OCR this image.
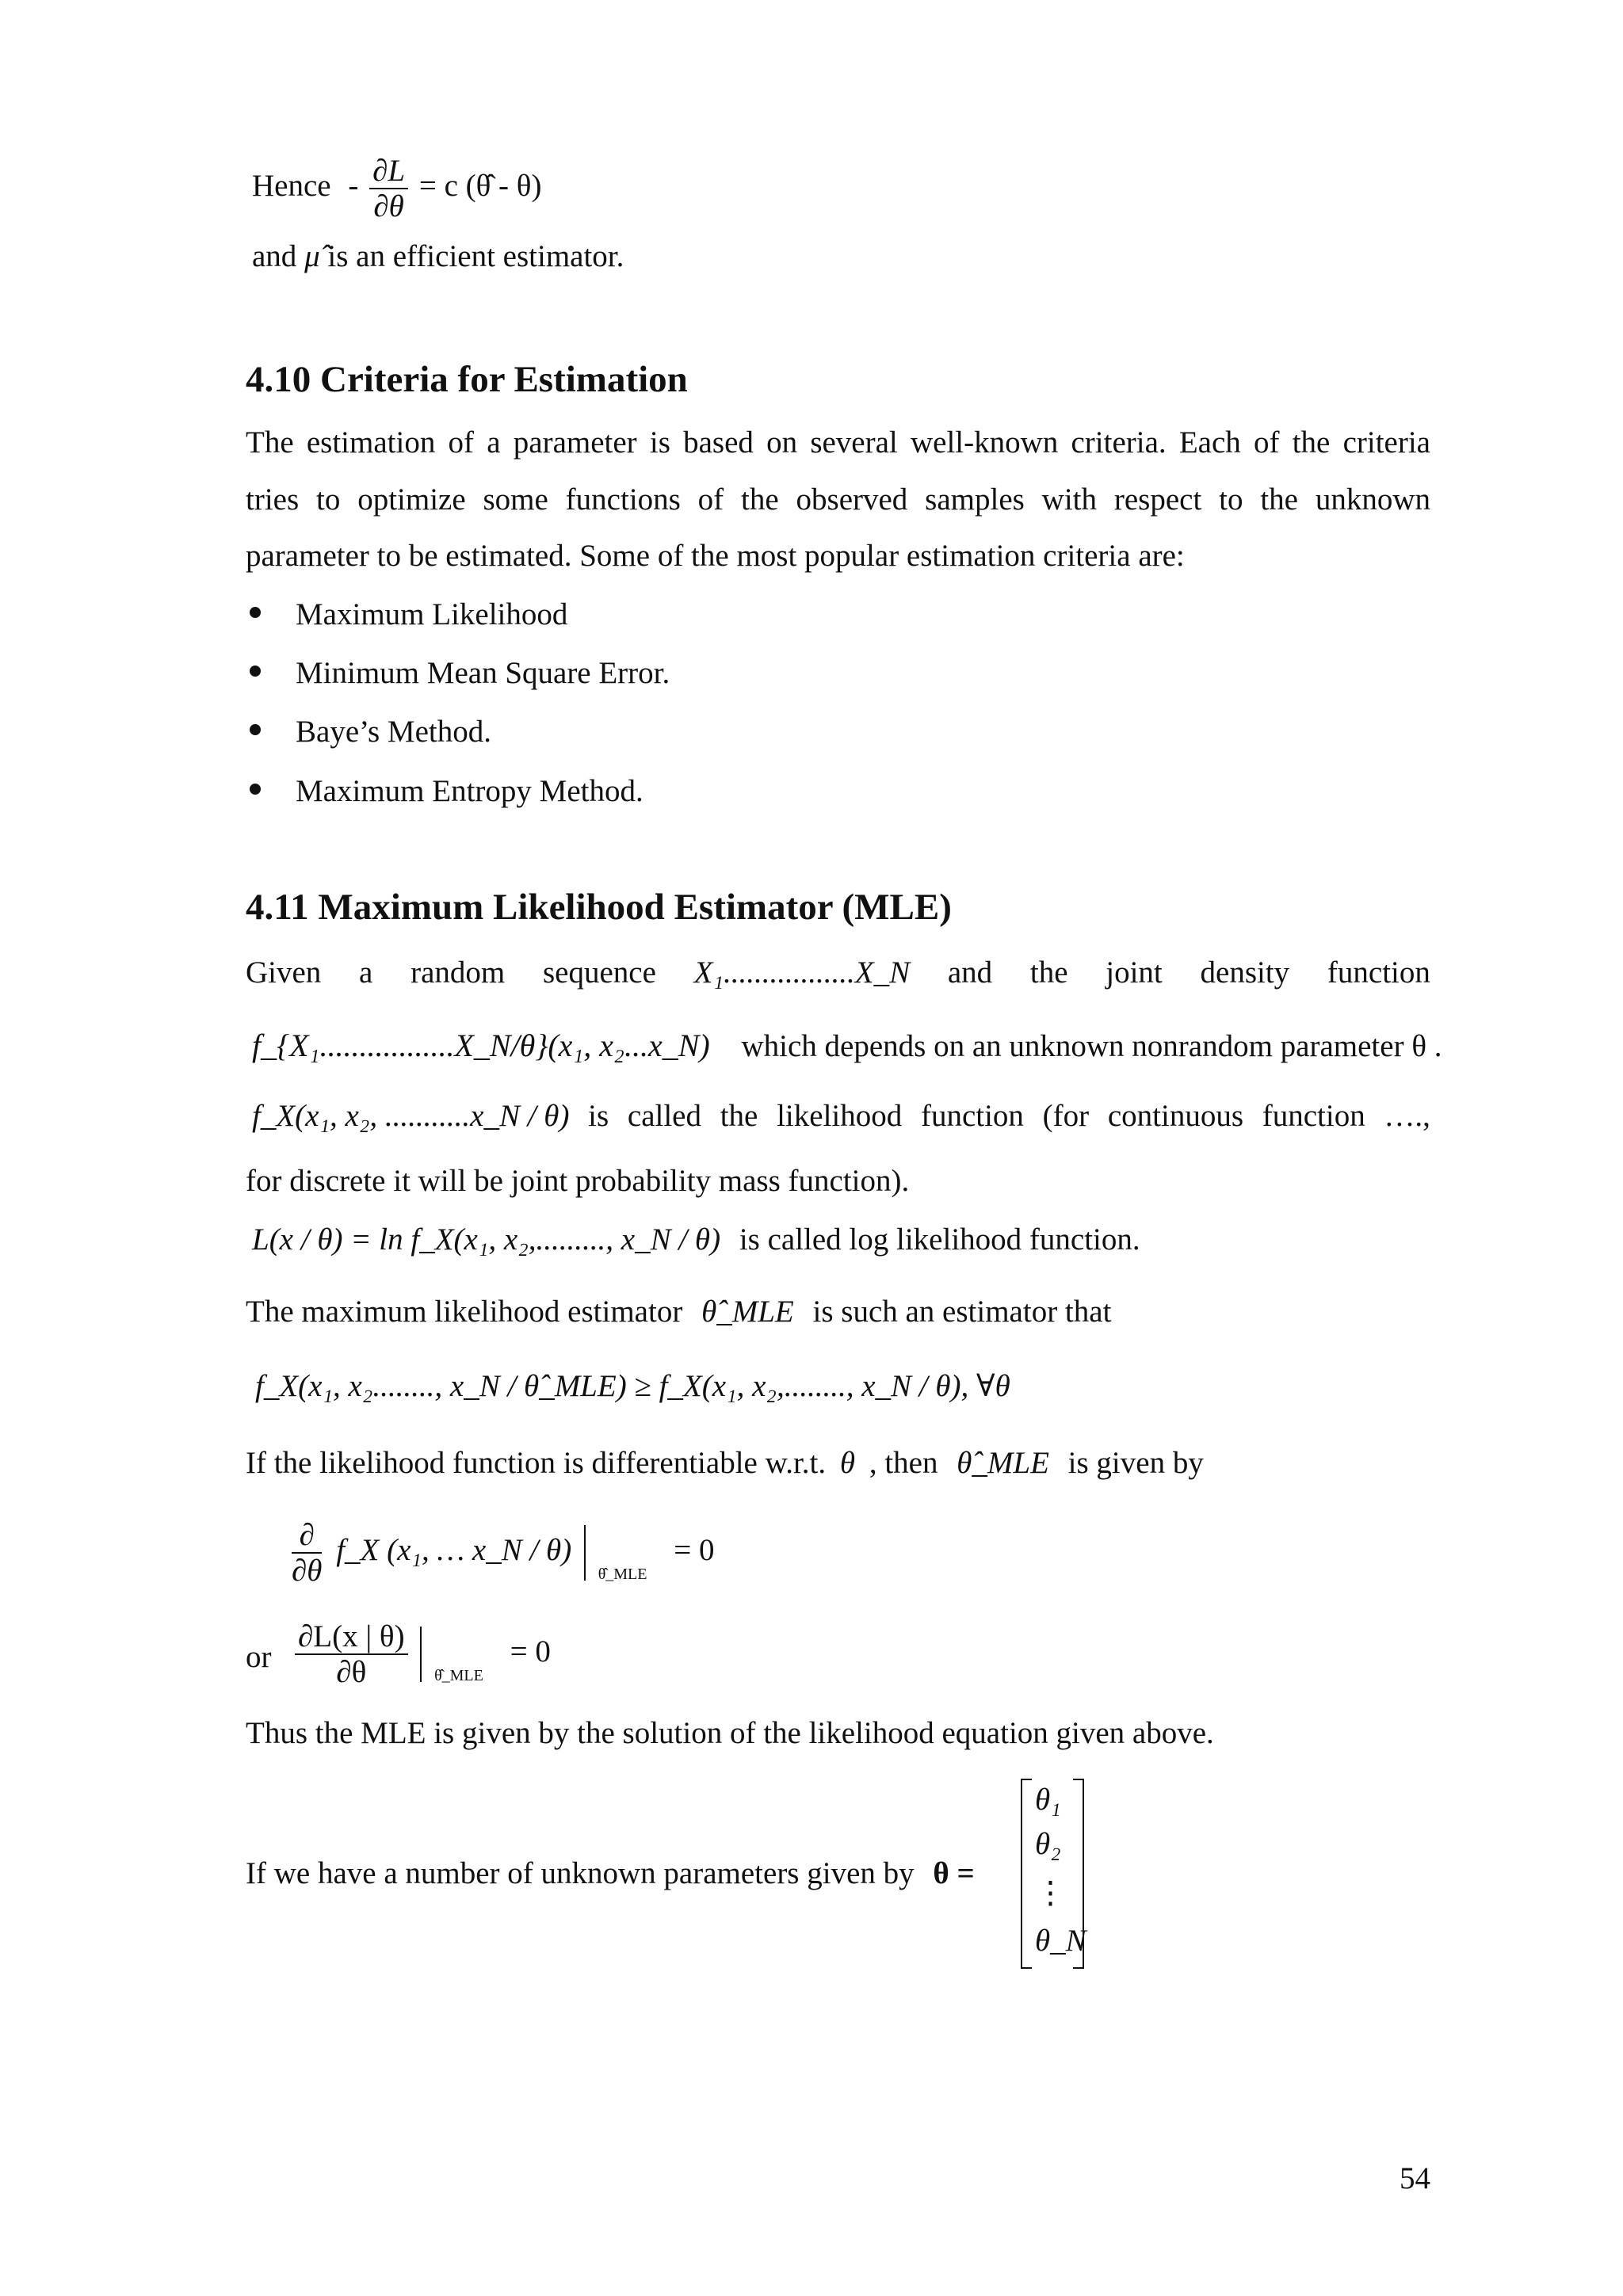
Hence - $\frac{\partial L}{\partial\theta} = c$ (θ̂ - θ)
and μ̂ is an efficient estimator.
4.10 Criteria for Estimation
The estimation of a parameter is based on several well-known criteria. Each of the criteria
tries to optimize some functions of the observed samples with respect to the unknown
parameter to be estimated. Some of the most popular estimation criteria are:
Maximum Likelihood
Minimum Mean Square Error.
Baye’s Method.
Maximum Entropy Method.
4.11 Maximum Likelihood Estimator (MLE)
Given a random sequence X₁.................X_N and the joint density function
f_{X₁.................X_N/θ}(x₁, x₂...x_N) which depends on an unknown nonrandom parameter θ .
f_X(x₁, x₂, ...........x_N / θ) is called the likelihood function (for continuous function ….,
for discrete it will be joint probability mass function).
L(x / θ) = ln f_X(x₁, x₂,........., x_N / θ) is called log likelihood function.
The maximum likelihood estimator θ̂_MLE is such an estimator that
f_X(x₁, x₂........, x_N / θ̂_MLE) ≥ f_X(x₁, x₂,........, x_N / θ), ∀θ
If the likelihood function is differentiable w.r.t. θ , then θ̂_MLE is given by
$\frac{\partial}{\partial\theta}$ f_X (x₁, … x_N / θ)  $_{\thetâ\_MLE}$ = 0
or $\frac{\partial L(x | \theta)}{\partial\theta} _{\thetâ\_MLE} = 0$
Thus the MLE is given by the solution of the likelihood equation given above.
If we have a number of unknown parameters given by θ =
θ₁
θ₂
⋮
θ_N
54
